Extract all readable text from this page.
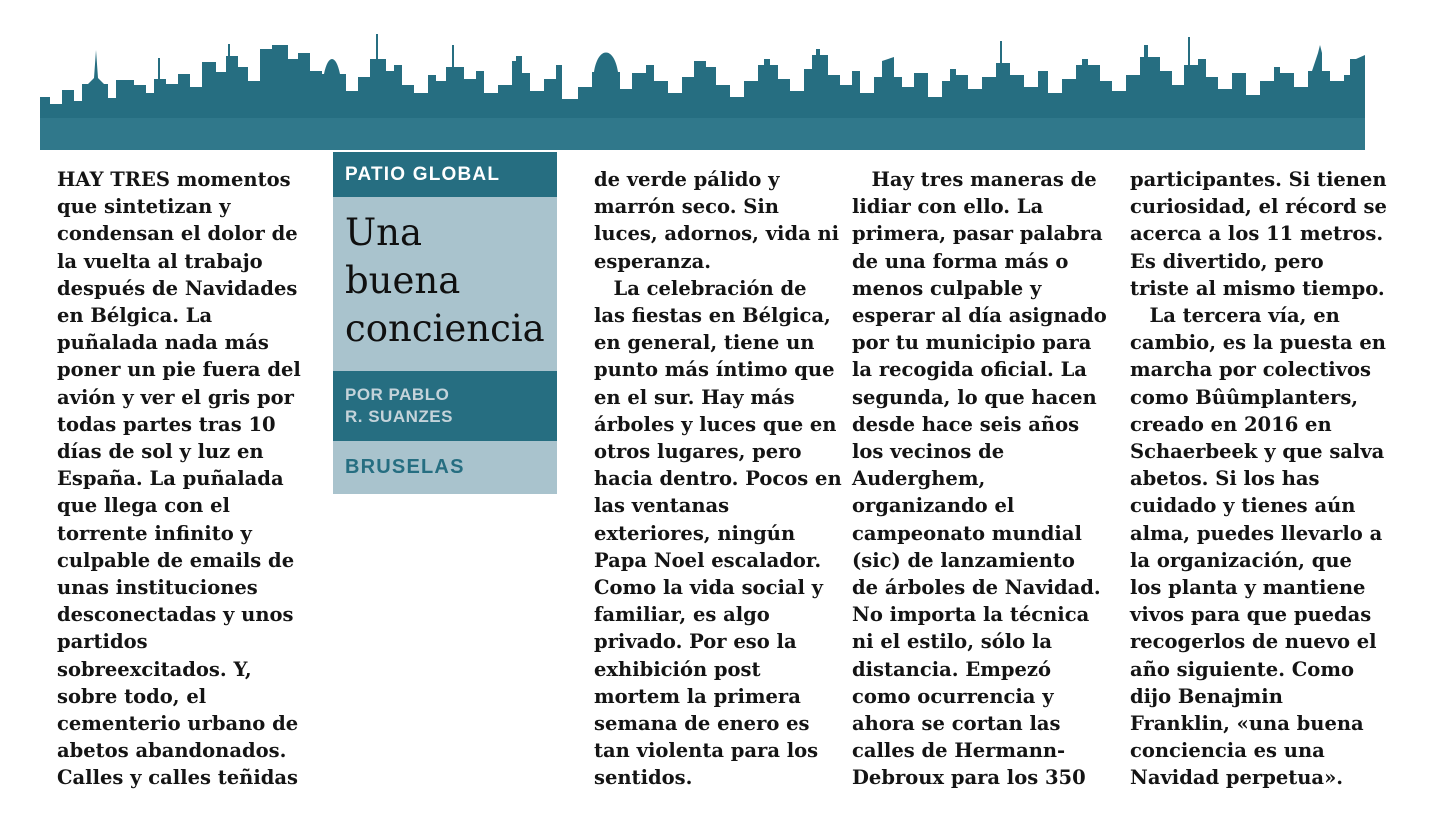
PATIO GLOBAL
Una
buena
conciencia
POR PABLO
R. SUANZES
BRUSELAS
HAY TRES momentos
que sintetizan y
condensan el dolor de
la vuelta al trabajo
después de Navidades
en Bélgica. La
puñalada nada más
poner un pie fuera del
avión y ver el gris por
todas partes tras 10
días de sol y luz en
España. La puñalada
que llega con el
torrente infinito y
culpable de emails de
unas instituciones
desconectadas y unos
partidos
sobreexcitados. Y,
sobre todo, el
cementerio urbano de
abetos abandonados.
Calles y calles teñidas
de verde pálido y
marrón seco. Sin
luces, adornos, vida ni
esperanza.
 La celebración de
las fiestas en Bélgica,
en general, tiene un
punto más íntimo que
en el sur. Hay más
árboles y luces que en
otros lugares, pero
hacia dentro. Pocos en
las ventanas
exteriores, ningún
Papa Noel escalador.
Como la vida social y
familiar, es algo
privado. Por eso la
exhibición post
mortem la primera
semana de enero es
tan violenta para los
sentidos.
 Hay tres maneras de
lidiar con ello. La
primera, pasar palabra
de una forma más o
menos culpable y
esperar al día asignado
por tu municipio para
la recogida oficial. La
segunda, lo que hacen
desde hace seis años
los vecinos de
Auderghem,
organizando el
campeonato mundial
(sic) de lanzamiento
de árboles de Navidad.
No importa la técnica
ni el estilo, sólo la
distancia. Empezó
como ocurrencia y
ahora se cortan las
calles de Hermann-
Debroux para los 350
participantes. Si tienen
curiosidad, el récord se
acerca a los 11 metros.
Es divertido, pero
triste al mismo tiempo.
 La tercera vía, en
cambio, es la puesta en
marcha por colectivos
como Bûûmplanters,
creado en 2016 en
Schaerbeek y que salva
abetos. Si los has
cuidado y tienes aún
alma, puedes llevarlo a
la organización, que
los planta y mantiene
vivos para que puedas
recogerlos de nuevo el
año siguiente. Como
dijo Benajmin
Franklin, «una buena
conciencia es una
Navidad perpetua».
